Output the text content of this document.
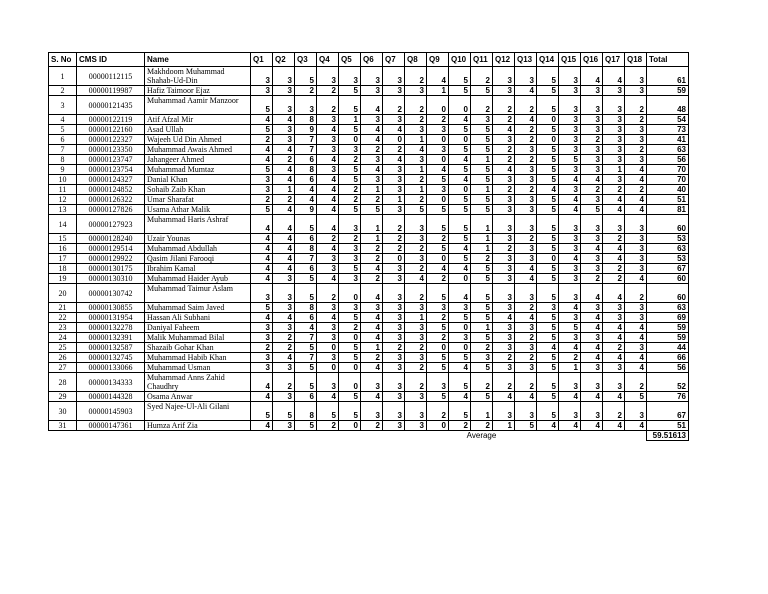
S. No	CMS ID	Name	Q1	Q2	Q3	Q4	Q5	Q6	Q7	Q8	Q9	Q10	Q11	Q12	Q13	Q14	Q15	Q16	Q17	Q18	Total
1	00000112115	Makhdoom Muhammad Shahab-Ud-Din	3	3	5	3	3	3	3	2	4	5	2	3	3	5	3	4	4	3	61
2	00000119987	Hafiz Taimoor Ejaz	3	3	2	2	5	3	3	3	1	5	5	3	4	5	3	3	3	3	59
3	00000121435	Muhammad Aamir Manzoor	5	3	3	2	5	4	2	2	0	0	2	2	2	5	3	3	3	2	48
4	00000122119	Atif Afzal Mir	4	4	8	3	1	3	3	2	2	4	3	2	4	0	3	3	3	2	54
5	00000122160	Asad Ullah	5	3	9	4	5	4	4	3	3	5	5	4	2	5	3	3	3	3	73
6	00000122327	Wajeeh Ud Din Ahmed	2	3	7	3	0	4	0	1	0	0	5	3	2	0	3	2	3	3	41
7	00000123350	Muhammad Awais Ahmed	4	4	7	3	3	2	2	4	3	5	5	2	3	5	3	3	3	2	63
8	00000123747	Jahangeer Ahmed	4	2	6	4	2	3	4	3	0	4	1	2	2	5	5	3	3	3	56
9	00000123754	Muhammad Mumtaz	5	4	8	3	5	4	3	1	4	5	5	4	3	5	3	3	1	4	70
10	00000124327	Danial Khan	3	4	6	4	5	3	3	2	5	4	5	3	3	5	4	4	3	4	70
11	00000124852	Sohaib Zaib Khan	3	1	4	4	2	1	3	1	3	0	1	2	2	4	3	2	2	2	40
12	00000126322	Umar Sharafat	2	2	4	4	2	2	1	2	0	5	5	3	3	5	4	3	4	4	51
13	00000127826	Usama Athar Malik	5	4	9	4	5	5	3	5	5	5	5	3	3	5	4	5	4	4	81
14	00000127923	Muhammad Haris Ashraf	4	4	5	4	3	1	2	3	5	5	1	3	3	5	3	3	3	3	60
15	00000128240	Uzair Younas	4	4	6	2	2	1	2	3	2	5	1	3	2	5	3	3	2	3	53
16	00000129514	Muhammad Abdullah	4	4	8	4	3	2	2	2	5	4	1	2	3	5	3	4	4	3	63
17	00000129922	Qasim Jilani Farooqi	4	4	7	3	3	2	0	3	0	5	2	3	3	0	4	3	4	3	53
18	00000130175	Ibrahim Kamal	4	4	6	3	5	4	3	2	4	4	5	3	4	5	3	3	2	3	67
19	00000130310	Muhammad Haider Ayub	4	3	5	4	3	2	3	4	2	0	5	3	4	5	3	2	2	4	60
20	00000130742	Muhammad Taimur Aslam	3	3	5	2	0	4	3	2	5	4	5	3	3	5	3	4	4	2	60
21	00000130855	Muhammad Saim Javed	5	3	8	3	3	3	3	3	3	3	5	3	2	3	4	3	3	3	63
22	00000131954	Hassan Ali Subhani	4	4	6	4	5	4	3	1	2	5	5	4	4	5	3	4	3	3	69
23	00000132278	Daniyal Faheem	3	3	4	3	2	4	3	3	5	0	1	3	3	5	5	4	4	4	59
24	00000132391	Malik Muhammad Bilal	3	2	7	3	0	4	3	3	2	3	5	3	2	5	3	3	4	4	59
25	00000132587	Shazaib Gohar Khan	2	2	5	0	5	1	2	2	0	0	2	3	3	4	4	4	2	3	44
26	00000132745	Muhammad Habib Khan	3	4	7	3	5	2	3	3	5	5	3	2	2	5	2	4	4	4	66
27	00000133066	Muhammad Usman	3	3	5	0	0	4	3	2	5	4	5	3	3	5	1	3	3	4	56
28	00000134333	Muhammad Anns Zahid Chaudhry	4	2	5	3	0	3	3	2	3	5	2	2	2	5	3	3	3	2	52
29	00000144328	Osama Anwar	4	3	6	4	5	4	3	3	5	4	5	4	4	5	4	4	4	5	76
30	00000145903	Syed Najee-Ul-Ali Gilani	5	5	8	5	5	3	3	3	2	5	1	3	3	5	3	3	2	3	67
31	00000147361	Humza Arif Zia	4	3	5	2	0	2	3	3	0	2	2	1	5	4	4	4	4	4	51
											Average										59.51613
